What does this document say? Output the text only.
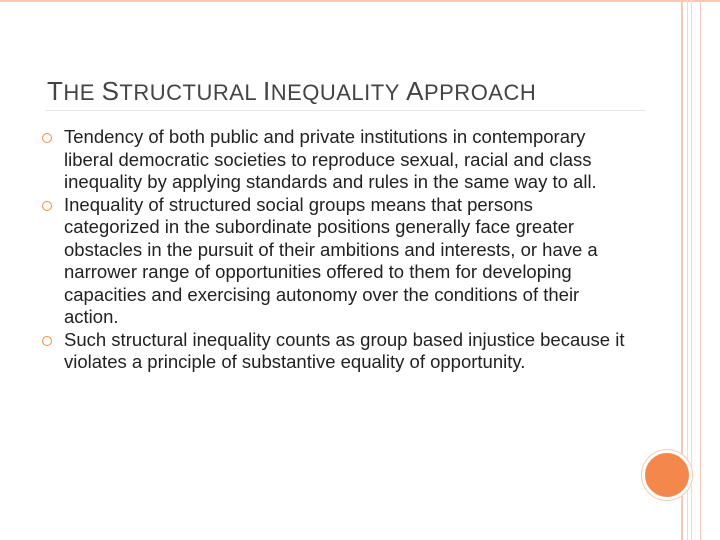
THE STRUCTURAL INEQUALITY APPROACH
Tendency of both public and private institutions in contemporary liberal democratic societies to reproduce sexual, racial and class inequality by applying standards and rules in the same way to all.
Inequality of structured social groups means that persons categorized in the subordinate positions generally face greater obstacles in the pursuit of their ambitions and interests, or have a narrower range of opportunities offered to them for developing capacities and exercising autonomy over the conditions of their action.
Such structural inequality counts as group based injustice because it violates a principle of substantive equality of opportunity.
